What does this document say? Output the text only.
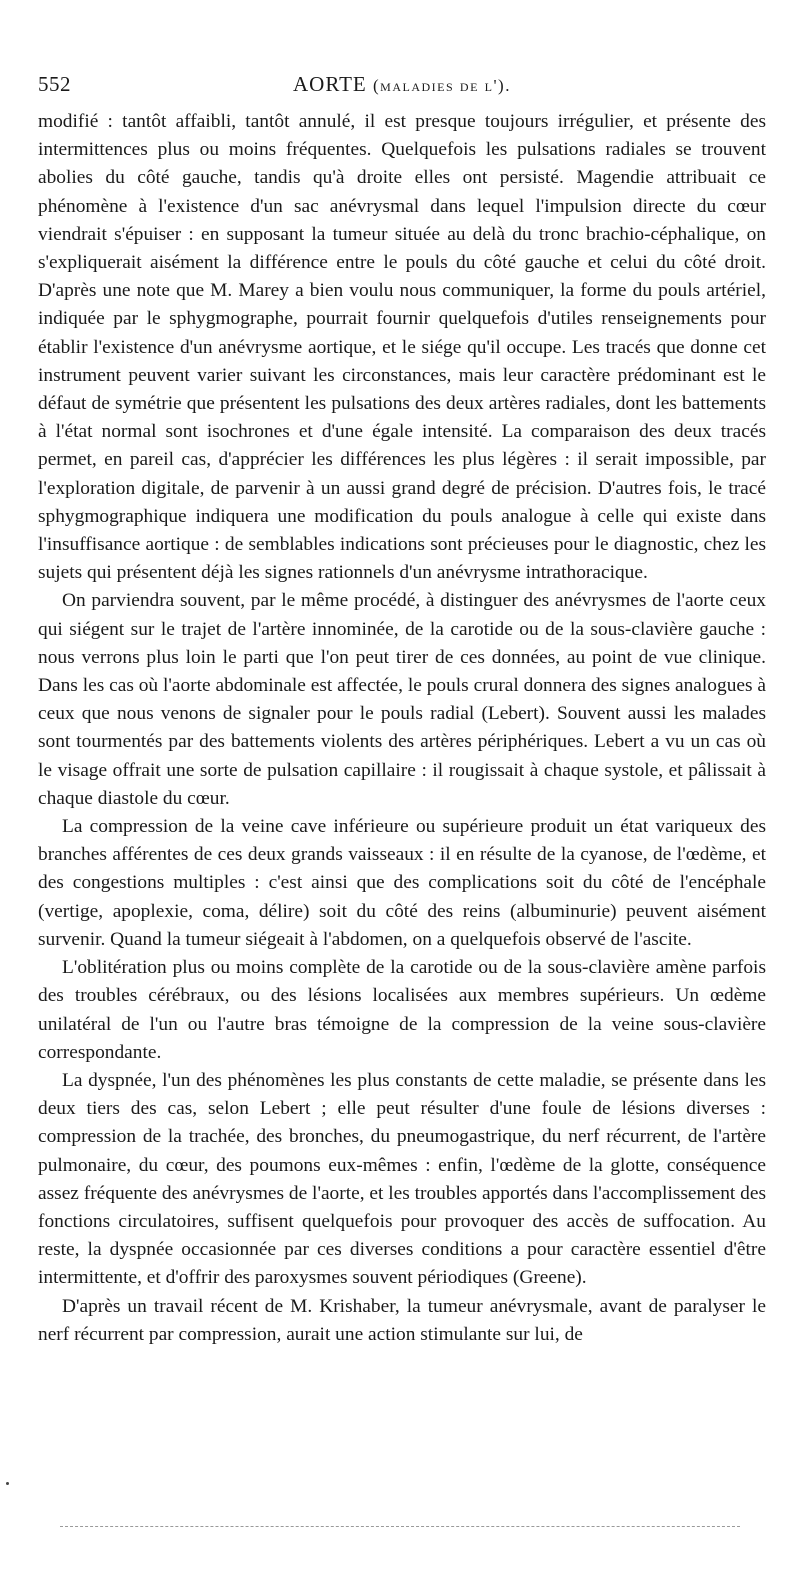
552	AORTE (maladies de l').

modifié : tantôt affaibli, tantôt annulé, il est presque toujours irrégulier, et présente des intermittences plus ou moins fréquentes. Quelquefois les pulsations radiales se trouvent abolies du côté gauche, tandis qu'à droite elles ont persisté. Magendie attribuait ce phénomène à l'existence d'un sac anévrysmal dans lequel l'impulsion directe du cœur viendrait s'épuiser : en supposant la tumeur située au delà du tronc brachio-céphalique, on s'expliquerait aisément la différence entre le pouls du côté gauche et celui du côté droit. D'après une note que M. Marey a bien voulu nous communiquer, la forme du pouls artériel, indiquée par le sphygmographe, pourrait fournir quelquefois d'utiles renseignements pour établir l'existence d'un anévrysme aortique, et le siége qu'il occupe. Les tracés que donne cet instrument peuvent varier suivant les circonstances, mais leur caractère prédominant est le défaut de symétrie que présentent les pulsations des deux artères radiales, dont les battements à l'état normal sont isochrones et d'une égale intensité. La comparaison des deux tracés permet, en pareil cas, d'apprécier les différences les plus légères : il serait impossible, par l'exploration digitale, de parvenir à un aussi grand degré de précision. D'autres fois, le tracé sphygmographique indiquera une modification du pouls analogue à celle qui existe dans l'insuffisance aortique : de semblables indications sont précieuses pour le diagnostic, chez les sujets qui présentent déjà les signes rationnels d'un anévrysme intrathoracique.

On parviendra souvent, par le même procédé, à distinguer des anévrysmes de l'aorte ceux qui siégent sur le trajet de l'artère innominée, de la carotide ou de la sous-clavière gauche : nous verrons plus loin le parti que l'on peut tirer de ces données, au point de vue clinique. Dans les cas où l'aorte abdominale est affectée, le pouls crural donnera des signes analogues à ceux que nous venons de signaler pour le pouls radial (Lebert). Souvent aussi les malades sont tourmentés par des battements violents des artères périphériques. Lebert a vu un cas où le visage offrait une sorte de pulsation capillaire : il rougissait à chaque systole, et pâlissait à chaque diastole du cœur.

La compression de la veine cave inférieure ou supérieure produit un état variqueux des branches afférentes de ces deux grands vaisseaux : il en résulte de la cyanose, de l'œdème, et des congestions multiples : c'est ainsi que des complications soit du côté de l'encéphale (vertige, apoplexie, coma, délire) soit du côté des reins (albuminurie) peuvent aisément survenir. Quand la tumeur siégeait à l'abdomen, on a quelquefois observé de l'ascite.

L'oblitération plus ou moins complète de la carotide ou de la sous-clavière amène parfois des troubles cérébraux, ou des lésions localisées aux membres supérieurs. Un œdème unilatéral de l'un ou l'autre bras témoigne de la compression de la veine sous-clavière correspondante.

La dyspnée, l'un des phénomènes les plus constants de cette maladie, se présente dans les deux tiers des cas, selon Lebert ; elle peut résulter d'une foule de lésions diverses : compression de la trachée, des bronches, du pneumogastrique, du nerf récurrent, de l'artère pulmonaire, du cœur, des poumons eux-mêmes : enfin, l'œdème de la glotte, conséquence assez fréquente des anévrysmes de l'aorte, et les troubles apportés dans l'accomplissement des fonctions circulatoires, suffisent quelquefois pour provoquer des accès de suffocation. Au reste, la dyspnée occasionnée par ces diverses conditions a pour caractère essentiel d'être intermittente, et d'offrir des paroxysmes souvent périodiques (Greene).

D'après un travail récent de M. Krishaber, la tumeur anévrysmale, avant de paralyser le nerf récurrent par compression, aurait une action stimulante sur lui, de
